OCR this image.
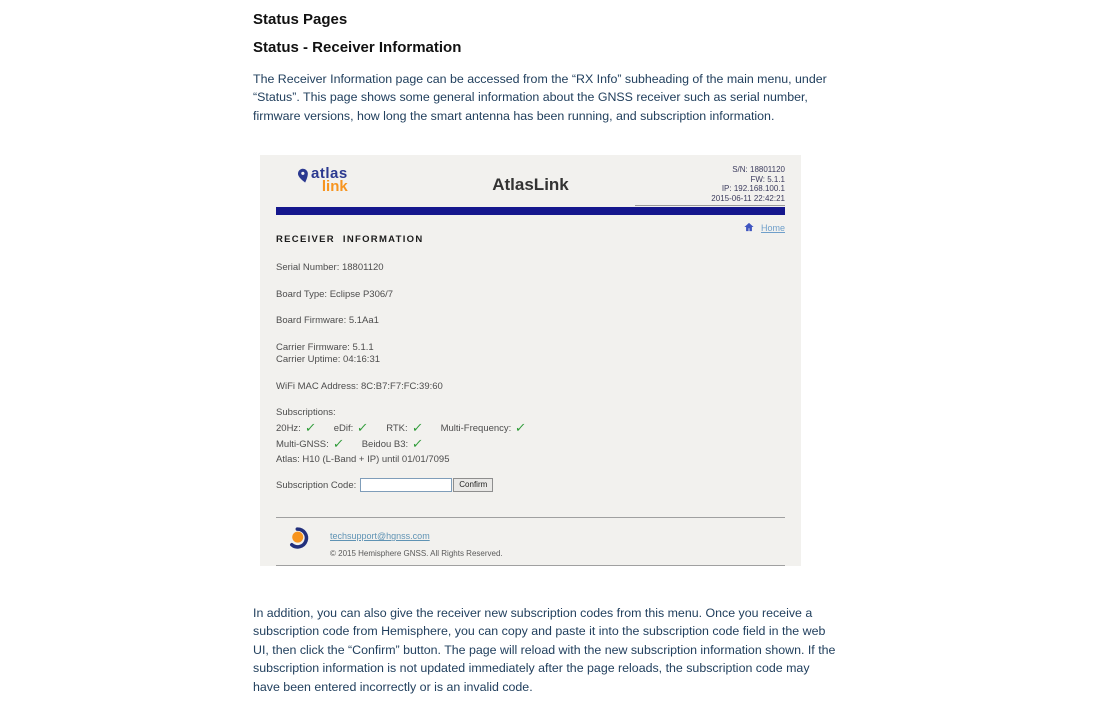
Status Pages
Status - Receiver Information

The Receiver Information page can be accessed from the “RX Info” subheading of the main menu, under “Status”. This page shows some general information about the GNSS receiver such as serial number, firmware versions, how long the smart antenna has been running, and subscription information.

atlas
link	AtlasLink
S/N: 18801120
FW: 5.1.1
IP: 192.168.100.1
2015-06-11 22:42:21
Home
RECEIVER INFORMATION
Serial Number: 18801120
Board Type: Eclipse P306/7
Board Firmware: 5.1Aa1
Carrier Firmware: 5.1.1
Carrier Uptime: 04:16:31
WiFi MAC Address: 8C:B7:F7:FC:39:60
Subscriptions:
20Hz: ✓ eDif: ✓ RTK: ✓ Multi-Frequency: ✓
Multi-GNSS: ✓ Beidou B3: ✓
Atlas: H10 (L-Band + IP) until 01/01/7095
Subscription Code:	Confirm
techsupport@hgnss.com
© 2015 Hemisphere GNSS. All Rights Reserved.

In addition, you can also give the receiver new subscription codes from this menu. Once you receive a subscription code from Hemisphere, you can copy and paste it into the subscription code field in the web UI, then click the “Confirm” button. The page will reload with the new subscription information shown. If the subscription information is not updated immediately after the page reloads, the subscription code may have been entered incorrectly or is an invalid code.
